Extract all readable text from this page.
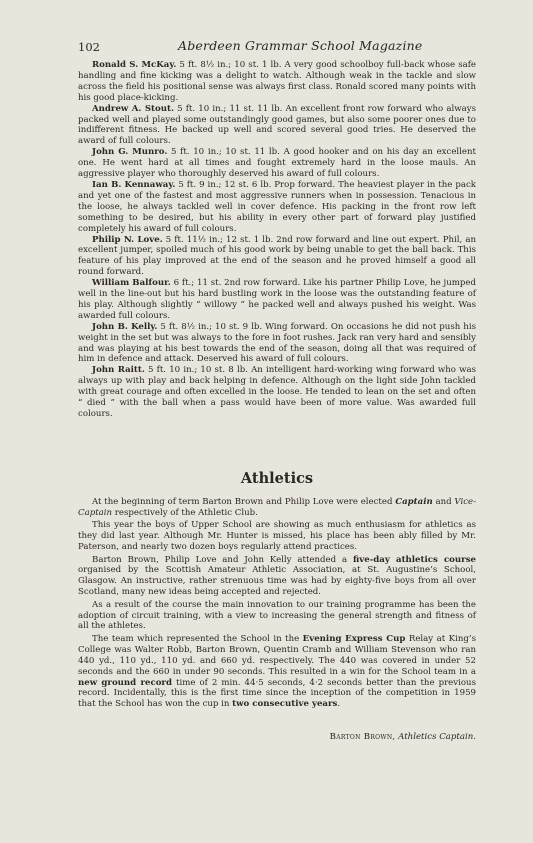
102	Aberdeen Grammar School Magazine

Ronald S. McKay. 5 ft. 8½ in.; 10 st. 1 lb. A very good schoolboy full-back whose safe handling and fine kicking was a delight to watch. Although weak in the tackle and slow across the field his positional sense was always first class. Ronald scored many points with his good place-kicking.

Andrew A. Stout. 5 ft. 10 in.; 11 st. 11 lb. An excellent front row forward who always packed well and played some outstandingly good games, but also some poorer ones due to indifferent fitness. He backed up well and scored several good tries. He deserved the award of full colours.

John G. Munro. 5 ft. 10 in.; 10 st. 11 lb. A good hooker and on his day an excellent one. He went hard at all times and fought extremely hard in the loose mauls. An aggressive player who thoroughly deserved his award of full colours.

Ian B. Kennaway. 5 ft. 9 in.; 12 st. 6 lb. Prop forward. The heaviest player in the pack and yet one of the fastest and most aggressive runners when in possession. Tenacious in the loose, he always tackled well in cover defence. His packing in the front row left something to be desired, but his ability in every other part of forward play justified completely his award of full colours.

Philip N. Love. 5 ft. 11½ in.; 12 st. 1 lb. 2nd row forward and line out expert. Phil, an excellent jumper, spoiled much of his good work by being unable to get the ball back. This feature of his play improved at the end of the season and he proved himself a good all round forward.

William Balfour. 6 ft.; 11 st. 2nd row forward. Like his partner Philip Love, he jumped well in the line-out but his hard bustling work in the loose was the outstanding feature of his play. Although slightly “ willowy ” he packed well and always pushed his weight. Was awarded full colours.

John B. Kelly. 5 ft. 8½ in.; 10 st. 9 lb. Wing forward. On occasions he did not push his weight in the set but was always to the fore in foot rushes. Jack ran very hard and sensibly and was playing at his best towards the end of the season, doing all that was required of him in defence and attack. Deserved his award of full colours.

John Raitt. 5 ft. 10 in.; 10 st. 8 lb. An intelligent hard-working wing forward who was always up with play and back helping in defence. Although on the light side John tackled with great courage and often excelled in the loose. He tended to lean on the set and often “ died ” with the ball when a pass would have been of more value. Was awarded full colours.

Athletics

At the beginning of term Barton Brown and Philip Love were elected Captain and Vice-Captain respectively of the Athletic Club.

This year the boys of Upper School are showing as much enthusiasm for athletics as they did last year. Although Mr. Hunter is missed, his place has been ably filled by Mr. Paterson, and nearly two dozen boys regularly attend practices.

Barton Brown, Philip Love and John Kelly attended a five-day athletics course organised by the Scottish Amateur Athletic Association, at St. Augustine’s School, Glasgow. An instructive, rather strenuous time was had by eighty-five boys from all over Scotland, many new ideas being accepted and rejected.

As a result of the course the main innovation to our training programme has been the adoption of circuit training, with a view to increasing the general strength and fitness of all the athletes.

The team which represented the School in the Evening Express Cup Relay at King’s College was Walter Robb, Barton Brown, Quentin Cramb and William Stevenson who ran 440 yd., 110 yd., 110 yd. and 660 yd. respectively. The 440 was covered in under 52 seconds and the 660 in under 90 seconds. This resulted in a win for the School team in a new ground record time of 2 min. 44·5 seconds, 4·2 seconds better than the previous record. Incidentally, this is the first time since the inception of the competition in 1959 that the School has won the cup in two consecutive years.

Barton Brown, Athletics Captain.
